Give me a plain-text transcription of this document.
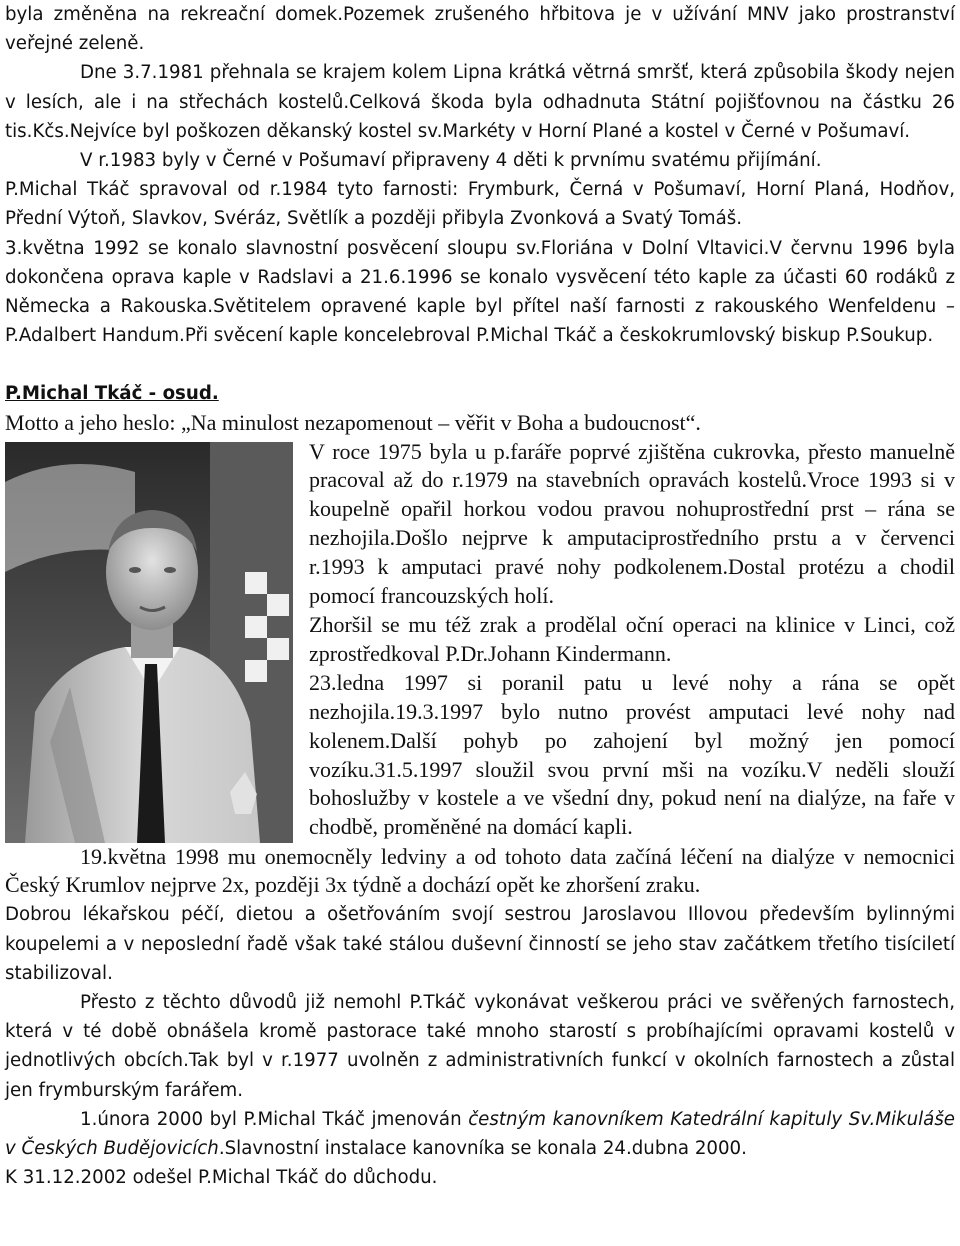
byla změněna na rekreační domek.Pozemek zrušeného hřbitova je v užívání MNV jako prostranství veřejné zeleně.

Dne 3.7.1981 přehnala se krajem kolem Lipna krátká větrná smršť, která způsobila škody nejen v lesích, ale i na střechách kostelů.Celková škoda byla odhadnuta Státní pojišťovnou na částku 26 tis.Kčs.Nejvíce byl poškozen děkanský kostel sv.Markéty v Horní Plané a kostel v Černé v Pošumaví.

V r.1983 byly v Černé v Pošumaví připraveny 4 děti k prvnímu svatému přijímání.

P.Michal Tkáč spravoval od r.1984 tyto farnosti: Frymburk, Černá v Pošumaví, Horní Planá, Hodňov, Přední Výtoň, Slavkov, Svéráz, Světlík a později přibyla Zvonková a Svatý Tomáš.

3.května 1992 se konalo slavnostní posvěcení sloupu sv.Floriána v Dolní Vltavici.V červnu 1996 byla dokončena oprava kaple v Radslavi a 21.6.1996 se konalo vysvěcení této kaple za účasti 60 rodáků z Německa a Rakouska.Světitelem opravené kaple byl přítel naší farnosti z rakouského Wenfeldenu – P.Adalbert Handum.Při svěcení kaple koncelebroval P.Michal Tkáč a českokrumlovský biskup P.Soukup.

P.Michal Tkáč - osud.

Motto a jeho heslo: „Na minulost nezapomenout – věřit v Boha a budoucnost“.

V roce 1975 byla u p.faráře poprvé zjištěna cukrovka, přesto manuelně pracoval až do r.1979 na stavebních opravách kostelů.Vroce 1993 si v koupelně opařil horkou vodou pravou nohuprostřední prst – rána se nezhojila.Došlo nejprve k amputaciprostředního prstu a v červenci r.1993 k amputaci pravé nohy podkolenem.Dostal protézu a chodil pomocí francouzských holí.

Zhoršil se mu též zrak a prodělal oční operaci na klinice v Linci, což zprostředkoval P.Dr.Johann Kindermann.

23.ledna 1997 si poranil patu u levé nohy a rána se opět nezhojila.19.3.1997 bylo nutno provést amputaci levé nohy nad kolenem.Další pohyb po zahojení byl možný jen pomocí vozíku.31.5.1997 sloužil svou první mši na vozíku.V neděli slouží bohoslužby v kostele a ve všední dny, pokud není na dialýze, na faře v chodbě, proměněné na domácí kapli.

19.května 1998 mu onemocněly ledviny a od tohoto data začíná léčení na dialýze v nemocnici Český Krumlov nejprve 2x, později 3x týdně a dochází opět ke zhoršení zraku.

Dobrou lékařskou péčí, dietou a ošetřováním svojí sestrou Jaroslavou Illovou především bylinnými koupelemi a v neposlední řadě však také stálou duševní činností se jeho stav začátkem třetího tisíciletí stabilizoval.

Přesto z těchto důvodů již nemohl P.Tkáč vykonávat veškerou práci ve svěřených farnostech, která v té době obnášela kromě pastorace také mnoho starostí s probíhajícími opravami kostelů v jednotlivých obcích.Tak byl v r.1977 uvolněn z administrativních funkcí v okolních farnostech a zůstal jen frymburským farářem.

1.února 2000 byl P.Michal Tkáč jmenován čestným kanovníkem Katedrální kapituly Sv.Mikuláše v Českých Budějovicích.Slavnostní instalace kanovníka se konala 24.dubna 2000.

K 31.12.2002 odešel P.Michal Tkáč do důchodu.
